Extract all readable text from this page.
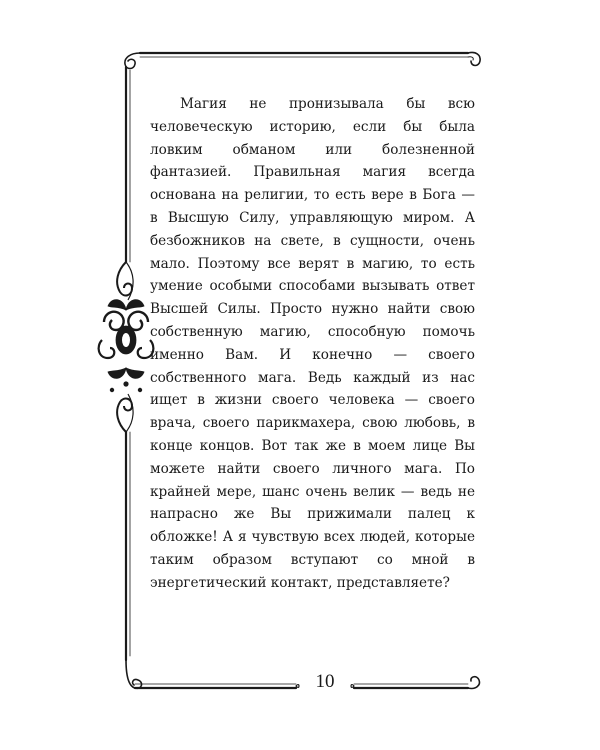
Магия не пронизывала бы всю человеческую историю, если бы была ловким обманом или болезненной фантазией. Правильная магия всегда основана на религии, то есть вере в Бога — в Высшую Силу, управляющую миром. А безбожников на свете, в сущности, очень мало. Поэтому все верят в магию, то есть умение особыми способами вызывать ответ Высшей Силы. Просто нужно найти свою собственную магию, способную помочь именно Вам. И конечно — своего собственного мага. Ведь каждый из нас ищет в жизни своего человека — своего врача, своего парикмахера, свою любовь, в конце концов. Вот так же в моем лице Вы можете найти своего личного мага. По крайней мере, шанс очень велик — ведь не напрасно же Вы прижимали палец к обложке! А я чувствую всех людей, которые таким образом вступают со мной в энергетический контакт, представляете?

10
